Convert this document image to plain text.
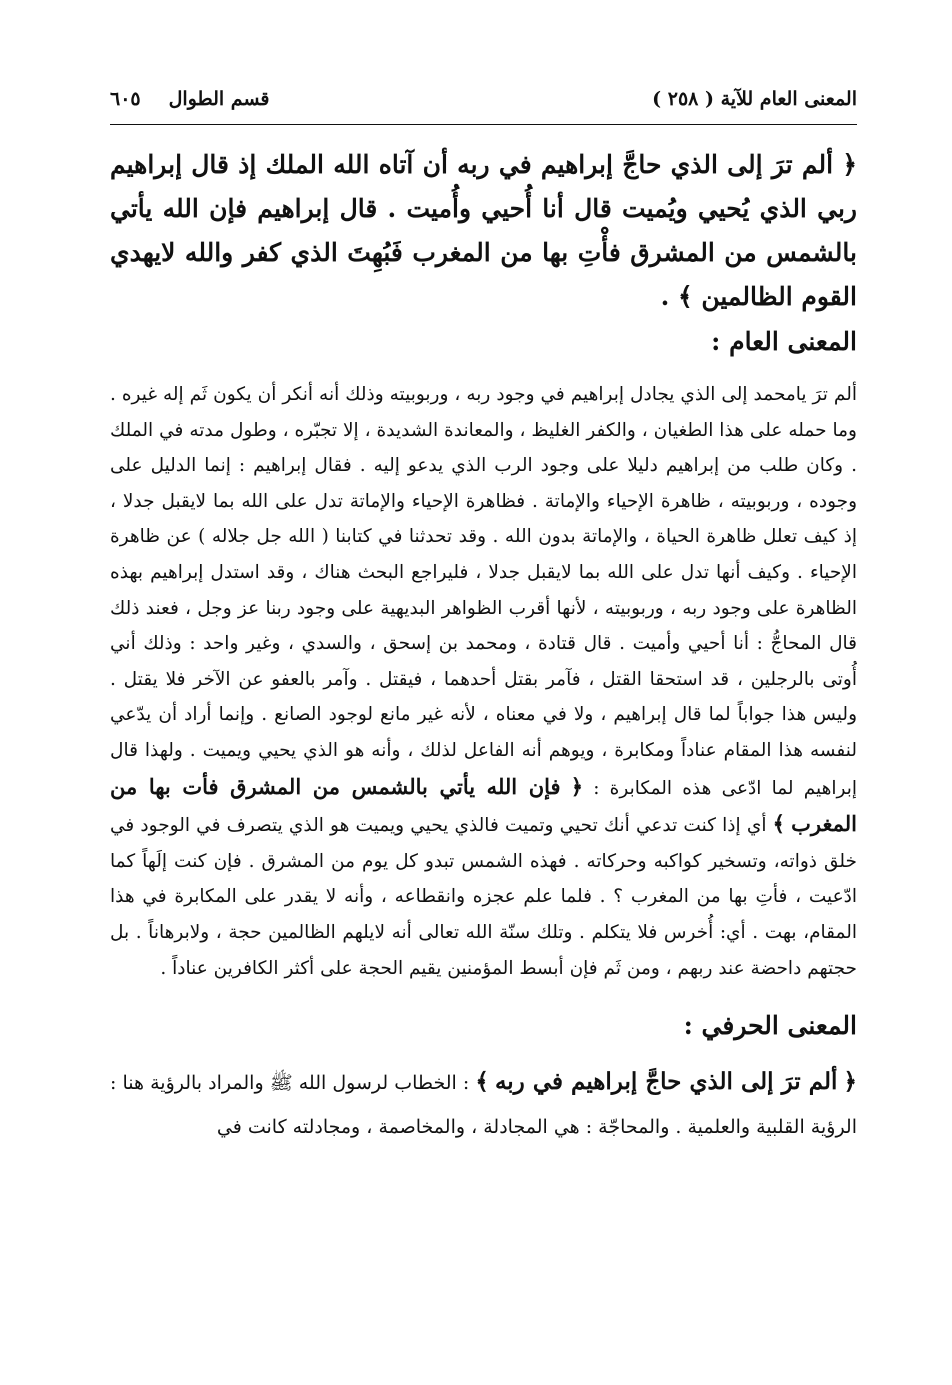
المعنى العام للآية ( ٢٥٨ )
قسم الطوال
٦٠٥

﴿ ألم ترَ إلى الذي حاجَّ إبراهيم في ربه أن آتاه الله الملك إذ قال إبراهيم ربي الذي يُحيي ويُميت قال أنا أُحيي وأُميت . قال إبراهيم فإن الله يأتي بالشمس من المشرق فأْتِ بها من المغرب فَبُهِتَ الذي كفر والله لايهدي القوم الظالمين ﴾ .

المعنى العام :

ألم ترَ يامحمد إلى الذي يجادل إبراهيم في وجود ربه ، وربوبيته وذلك أنه أنكر أن يكون ثَم إله غيره . وما حمله على هذا الطغيان ، والكفر الغليظ ، والمعاندة الشديدة ، إلا تجبّره ، وطول مدته في الملك . وكان طلب من إبراهيم دليلا على وجود الرب الذي يدعو إليه . فقال إبراهيم : إنما الدليل على وجوده ، وربوبيته ، ظاهرة الإحياء والإماتة . فظاهرة الإحياء والإماتة تدل على الله بما لايقبل جدلا ، إذ كيف تعلل ظاهرة الحياة ، والإماتة بدون الله . وقد تحدثنا في كتابنا ( الله جل جلاله ) عن ظاهرة الإحياء . وكيف أنها تدل على الله بما لايقبل جدلا ، فليراجع البحث هناك ، وقد استدل إبراهيم بهذه الظاهرة على وجود ربه ، وربوبيته ، لأنها أقرب الظواهر البديهية على وجود ربنا عز وجل ، فعند ذلك قال المحاجُّ : أنا أحيي وأميت . قال قتادة ، ومحمد بن إسحق ، والسدي ، وغير واحد : وذلك أني أُوتى بالرجلين ، قد استحقا القتل ، فآمر بقتل أحدهما ، فيقتل . وآمر بالعفو عن الآخر فلا يقتل . وليس هذا جواباً لما قال إبراهيم ، ولا في معناه ، لأنه غير مانع لوجود الصانع . وإنما أراد أن يدّعي لنفسه هذا المقام عناداً ومكابرة ، ويوهم أنه الفاعل لذلك ، وأنه هو الذي يحيي ويميت . ولهذا قال إبراهيم لما ادّعى هذه المكابرة : ﴿ فإن الله يأتي بالشمس من المشرق فأت بها من المغرب ﴾ أي إذا كنت تدعي أنك تحيي وتميت فالذي يحيي ويميت هو الذي يتصرف في الوجود في خلق ذواته، وتسخير كواكبه وحركاته . فهذه الشمس تبدو كل يوم من المشرق . فإن كنت إلَهاً كما ادّعيت ، فأتِ بها من المغرب ؟ . فلما علم عجزه وانقطاعه ، وأنه لا يقدر على المكابرة في هذا المقام، بهت . أي: أُخرس فلا يتكلم . وتلك سنّة الله تعالى أنه لايلهم الظالمين حجة ، ولابرهاناً . بل حجتهم داحضة عند ربهم ، ومن ثَم فإن أبسط المؤمنين يقيم الحجة على أكثر الكافرين عناداً .

المعنى الحرفي :

﴿ ألم ترَ إلى الذي حاجَّ إبراهيم في ربه ﴾ : الخطاب لرسول الله ﷺ والمراد بالرؤية هنا : الرؤية القلبية والعلمية . والمحاجّة : هي المجادلة ، والمخاصمة ، ومجادلته كانت في
